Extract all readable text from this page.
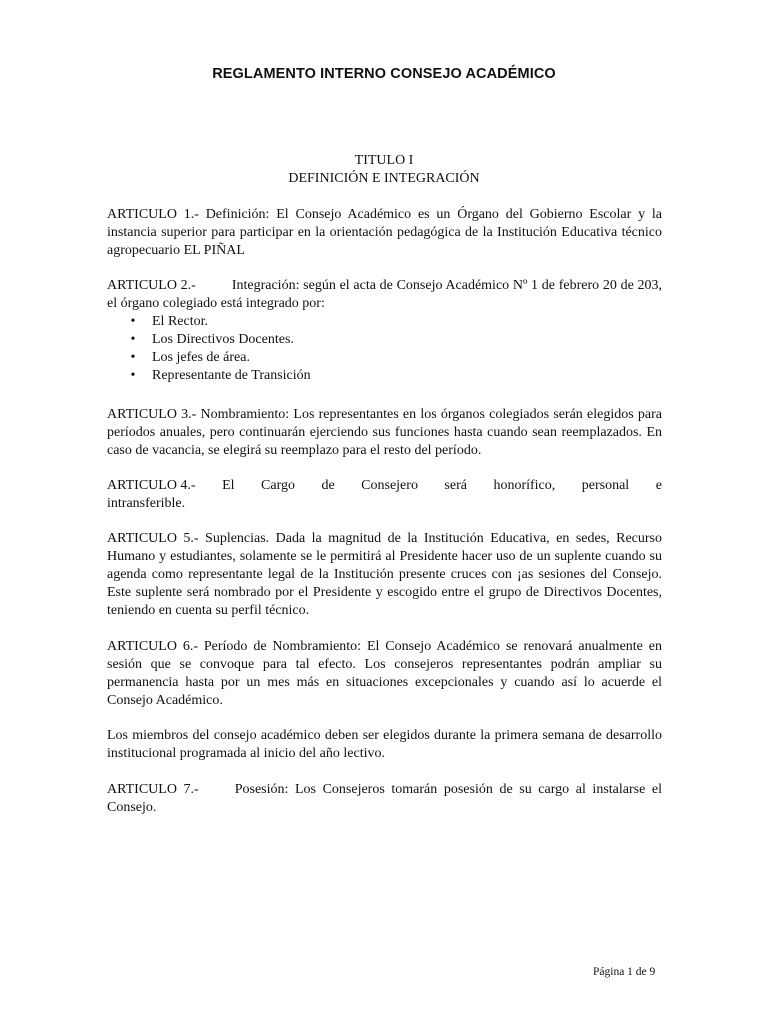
REGLAMENTO INTERNO CONSEJO ACADÉMICO
TITULO I
DEFINICIÓN E INTEGRACIÓN

ARTICULO 1.- Definición: El Consejo Académico es un Órgano del Gobierno Escolar y la instancia superior para participar en la orientación pedagógica de la Institución Educativa técnico agropecuario EL PIÑAL

ARTICULO 2.-	Integración: según el acta de Consejo Académico Nº 1 de febrero 20 de 203, el órgano colegiado está integrado por:

• El Rector.
• Los Directivos Docentes.
• Los jefes de área.
• Representante de Transición

ARTICULO 3.- Nombramiento: Los representantes en los órganos colegiados serán elegidos para períodos anuales, pero continuarán ejerciendo sus funciones hasta cuando sean reemplazados. En caso de vacancia, se elegirá su reemplazo para el resto del período.

ARTICULO 4.- El Cargo de Consejero será honorífico, personal e
intransferible.

ARTICULO 5.- Suplencias. Dada la magnitud de la Institución Educativa, en sedes, Recurso Humano y estudiantes, solamente se le permitirá al Presidente hacer uso de un suplente cuando su agenda como representante legal de la Institución presente cruces con ¡as sesiones del Consejo. Este suplente será nombrado por el Presidente y escogido entre el grupo de Directivos Docentes, teniendo en cuenta su perfil técnico.

ARTICULO 6.- Período de Nombramiento: El Consejo Académico se renovará anualmente en sesión que se convoque para tal efecto. Los consejeros representantes podrán ampliar su permanencia hasta por un mes más en situaciones excepcionales y cuando así lo acuerde el Consejo Académico.

Los miembros del consejo académico deben ser elegidos durante la primera semana de desarrollo institucional programada al inicio del año lectivo.

ARTICULO 7.-	Posesión: Los Consejeros tomarán posesión de su cargo al instalarse el Consejo.

Página 1 de 9
